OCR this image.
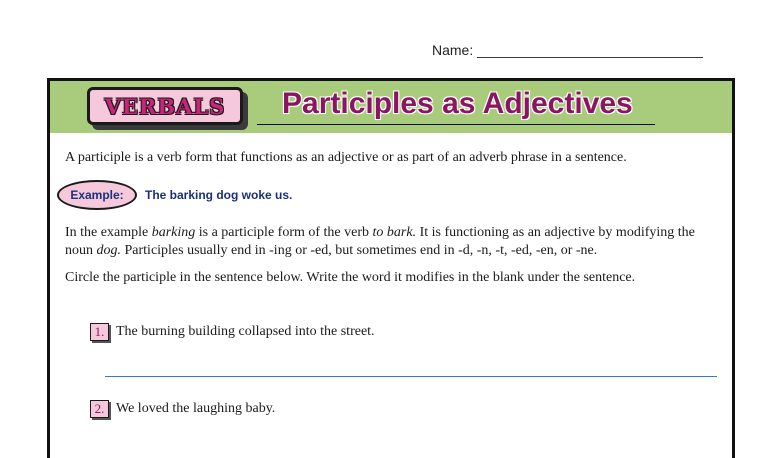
Name: _____________________________
VERBALS Participles as Adjectives
A participle is a verb form that functions as an adjective or as part of an adverb phrase in a sentence.
Example: The barking dog woke us.
In the example barking is a participle form of the verb to bark. It is functioning as an adjective by modifying the noun dog. Participles usually end in -ing or -ed, but sometimes end in -d, -n, -t, -ed, -en, or -ne.
Circle the participle in the sentence below. Write the word it modifies in the blank under the sentence.
1. The burning building collapsed into the street.
2. We loved the laughing baby.
